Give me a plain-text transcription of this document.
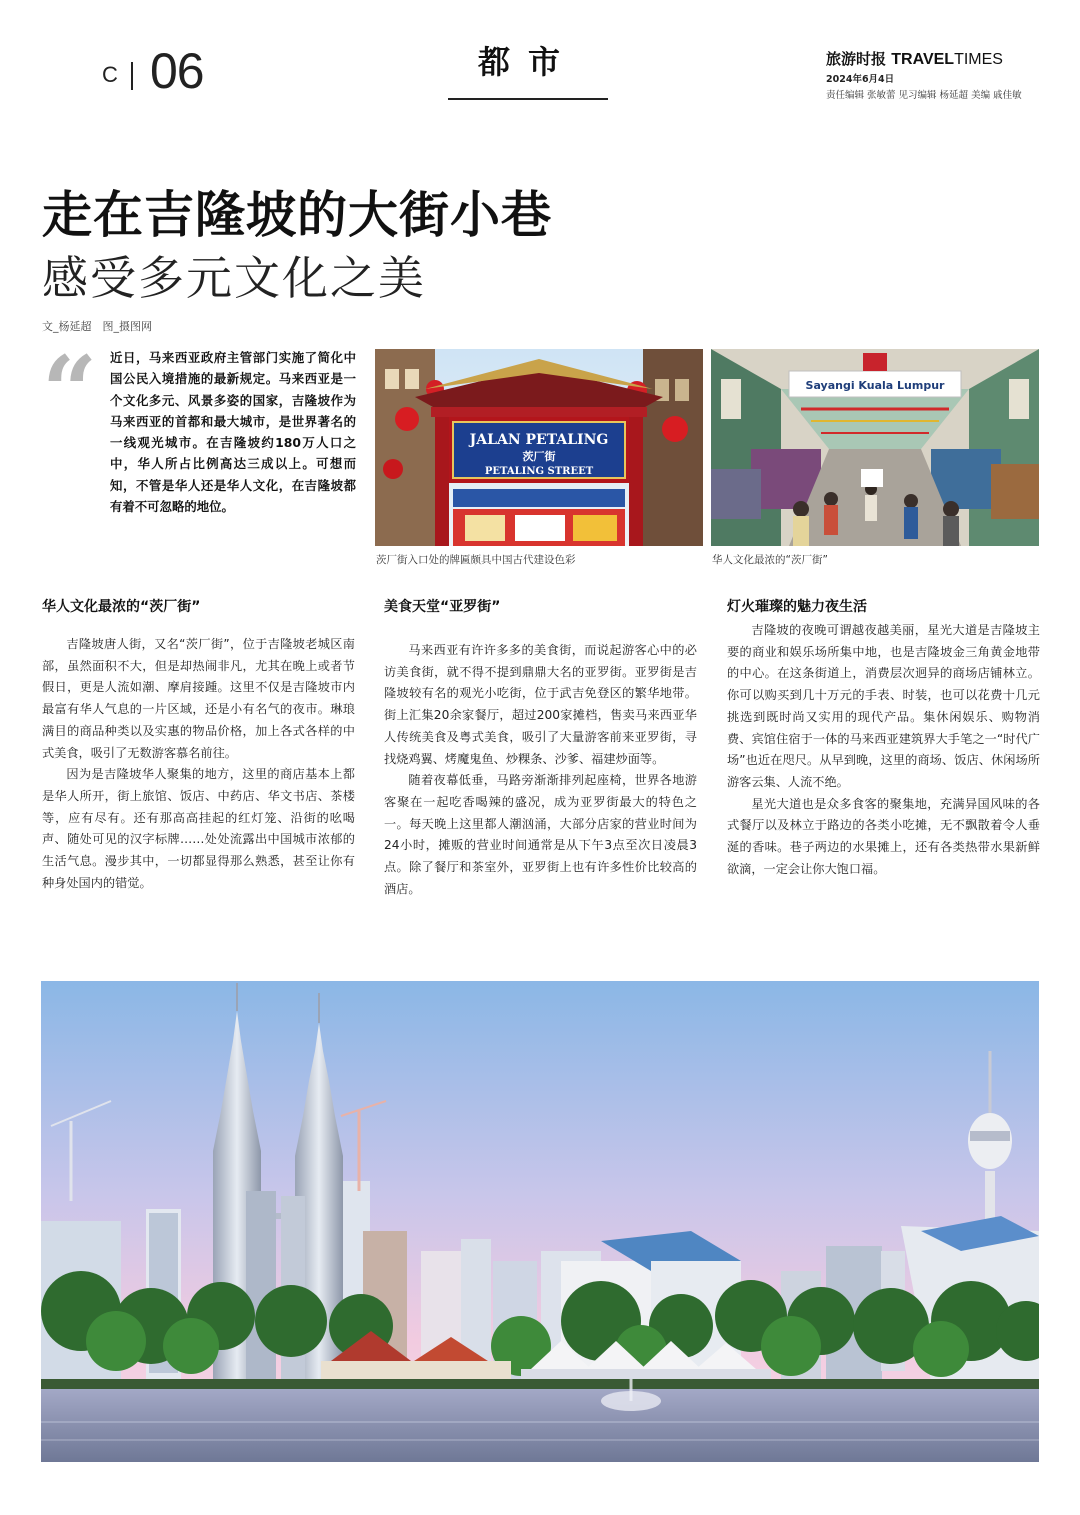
C 06	都市	旅游时报 TRAVELTIMES
2024年6月4日
责任编辑 张敏蕾 见习编辑 杨延超 美编 戚佳敏
走在吉隆坡的大街小巷
感受多元文化之美
文_杨延超　图_摄图网
“ 近日，马来西亚政府主管部门实施了简化中国公民入境措施的最新规定。马来西亚是一个文化多元、风景多姿的国家，吉隆坡作为马来西亚的首都和最大城市，是世界著名的一线观光城市。在吉隆坡约180万人口之中，华人所占比例高达三成以上。可想而知，不管是华人还是华人文化，在吉隆坡都有着不可忽略的地位。
JALAN PETALING
茨厂街
PETALING STREET
茨厂街入口处的牌匾颇具中国古代建设色彩
Sayangi Kuala Lumpur
华人文化最浓的“茨厂街”
华人文化最浓的“茨厂街”

吉隆坡唐人街，又名“茨厂街”，位于吉隆坡老城区南部，虽然面积不大，但是却热闹非凡，尤其在晚上或者节假日，更是人流如潮、摩肩接踵。这里不仅是吉隆坡市内最富有华人气息的一片区域，还是小有名气的夜市。琳琅满目的商品种类以及实惠的物品价格，加上各式各样的中式美食，吸引了无数游客慕名前往。

因为是吉隆坡华人聚集的地方，这里的商店基本上都是华人所开，街上旅馆、饭店、中药店、华文书店、茶楼等，应有尽有。还有那高高挂起的红灯笼、沿街的吆喝声、随处可见的汉字标牌……处处流露出中国城市浓郁的生活气息。漫步其中，一切都显得那么熟悉，甚至让你有种身处国内的错觉。

美食天堂“亚罗街”

马来西亚有许许多多的美食街，而说起游客心中的必访美食街，就不得不提到鼎鼎大名的亚罗街。亚罗街是吉隆坡较有名的观光小吃街，位于武吉免登区的繁华地带。街上汇集20余家餐厅，超过200家摊档，售卖马来西亚华人传统美食及粤式美食，吸引了大量游客前来亚罗街，寻找烧鸡翼、烤魔鬼鱼、炒粿条、沙爹、福建炒面等。

随着夜幕低垂，马路旁渐渐排列起座椅，世界各地游客聚在一起吃香喝辣的盛况，成为亚罗街最大的特色之一。每天晚上这里都人潮汹涌，大部分店家的营业时间为24小时，摊贩的营业时间通常是从下午3点至次日凌晨3点。除了餐厅和茶室外，亚罗街上也有许多性价比较高的酒店。

灯火璀璨的魅力夜生活

吉隆坡的夜晚可谓越夜越美丽，星光大道是吉隆坡主要的商业和娱乐场所集中地，也是吉隆坡金三角黄金地带的中心。在这条街道上，消费层次迥异的商场店铺林立。你可以购买到几十万元的手表、时装，也可以花费十几元挑选到既时尚又实用的现代产品。集休闲娱乐、购物消费、宾馆住宿于一体的马来西亚建筑界大手笔之一“时代广场”也近在咫尺。从早到晚，这里的商场、饭店、休闲场所游客云集、人流不绝。

星光大道也是众多食客的聚集地，充满异国风味的各式餐厅以及林立于路边的各类小吃摊，无不飘散着令人垂涎的香味。巷子两边的水果摊上，还有各类热带水果新鲜欲滴，一定会让你大饱口福。
